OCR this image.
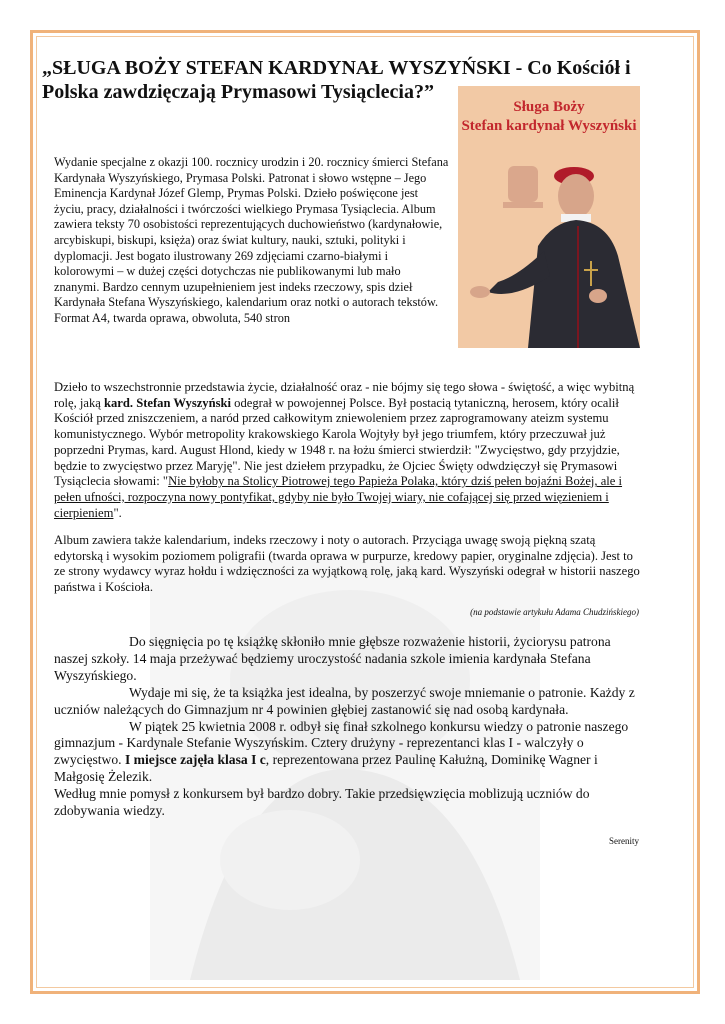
„SŁUGA BOŻY STEFAN KARDYNAŁ WYSZYŃSKI - Co Kościół i Polska zawdzięczają Prymasowi Tysiąclecia?”
Sługa Boży
Stefan kardynał Wyszyński
Wydanie specjalne z okazji 100. rocznicy urodzin i 20. rocznicy śmierci Stefana Kardynała Wyszyńskiego, Prymasa Polski. Patronat i słowo wstępne – Jego Eminencja Kardynał Józef Glemp, Prymas Polski. Dzieło poświęcone jest życiu, pracy, działalności i twórczości wielkiego Prymasa Tysiąclecia. Album zawiera teksty 70 osobistości reprezentujących duchowieństwo (kardynałowie, arcybiskupi, biskupi, księża) oraz świat kultury, nauki, sztuki, polityki i dyplomacji. Jest bogato ilustrowany 269 zdjęciami czarno-białymi i kolorowymi – w dużej części dotychczas nie publikowanymi lub mało znanymi. Bardzo cennym uzupełnieniem jest indeks rzeczowy, spis dzieł Kardynała Stefana Wyszyńskiego, kalendarium oraz notki o autorach tekstów. Format A4, twarda oprawa, obwoluta, 540 stron

Dzieło to wszechstronnie przedstawia życie, działalność oraz - nie bójmy się tego słowa - świętość, a więc wybitną rolę, jaką kard. Stefan Wyszyński odegrał w powojennej Polsce. Był postacią tytaniczną, herosem, który ocalił Kościół przed zniszczeniem, a naród przed całkowitym zniewoleniem przez zaprogramowany ateizm systemu komunistycznego. Wybór metropolity krakowskiego Karola Wojtyły był jego triumfem, który przeczuwał już poprzedni Prymas, kard. August Hlond, kiedy w 1948 r. na łożu śmierci stwierdził: "Zwycięstwo, gdy przyjdzie, będzie to zwycięstwo przez Maryję". Nie jest dziełem przypadku, że Ojciec Święty odwdzięczył się Prymasowi Tysiąclecia słowami: "Nie byłoby na Stolicy Piotrowej tego Papieża Polaka, który dziś pełen bojaźni Bożej, ale i pełen ufności, rozpoczyna nowy pontyfikat, gdyby nie było Twojej wiary, nie cofającej się przed więzieniem i cierpieniem".

Album zawiera także kalendarium, indeks rzeczowy i noty o autorach. Przyciąga uwagę swoją piękną szatą edytorską i wysokim poziomem poligrafii (twarda oprawa w purpurze, kredowy papier, oryginalne zdjęcia). Jest to ze strony wydawcy wyraz hołdu i wdzięczności za wyjątkową rolę, jaką kard. Wyszyński odegrał w historii naszego państwa i Kościoła.

(na podstawie artykułu Adama Chudzińskiego)

Do sięgnięcia po tę książkę skłoniło mnie głębsze rozważenie historii, życiorysu patrona naszej szkoły. 14 maja przeżywać będziemy uroczystość nadania szkole imienia kardynała Stefana Wyszyńskiego.

Wydaje mi się, że ta książka jest idealna, by poszerzyć swoje mniemanie o patronie. Każdy z uczniów należących do Gimnazjum nr 4 powinien głębiej zastanowić się nad osobą kardynała.

W piątek 25 kwietnia 2008 r. odbył się finał szkolnego konkursu wiedzy o patronie naszego gimnazjum - Kardynale Stefanie Wyszyńskim. Cztery drużyny - reprezentanci klas I - walczyły o zwycięstwo. I miejsce zajęła klasa I c, reprezentowana przez Paulinę Kałużną, Dominikę Wagner i Małgosię Żelezik.

Według mnie pomysł z konkursem był bardzo dobry. Takie przedsięwzięcia moblizują uczniów do zdobywania wiedzy.

Serenity
